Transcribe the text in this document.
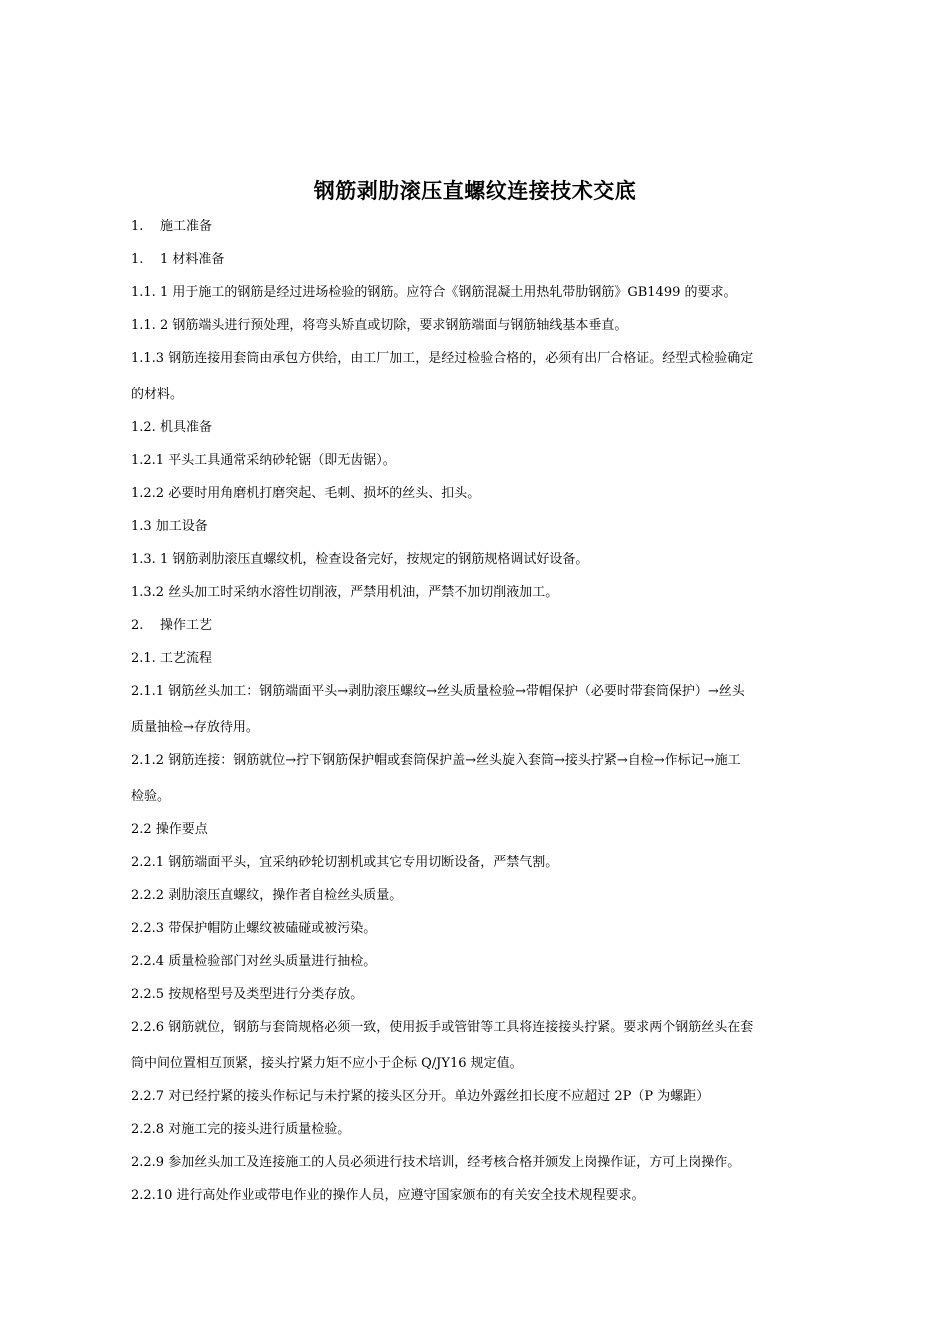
钢筋剥肋滚压直螺纹连接技术交底
1. 施工准备
1. 1 材料准备
1.1. 1 用于施工的钢筋是经过进场检验的钢筋。应符合《钢筋混凝土用热轧带肋钢筋》GB1499 的要求。
1.1. 2 钢筋端头进行预处理，将弯头矫直或切除，要求钢筋端面与钢筋轴线基本垂直。
1.1.3 钢筋连接用套筒由承包方供给，由工厂加工，是经过检验合格的，必须有出厂合格证。经型式检验确定
的材料。
1.2. 机具准备
1.2.1 平头工具通常采纳砂轮锯（即无齿锯）。
1.2.2 必要时用角磨机打磨突起、毛刺、损坏的丝头、扣头。
1.3 加工设备
1.3. 1 钢筋剥肋滚压直螺纹机，检查设备完好，按规定的钢筋规格调试好设备。
1.3.2 丝头加工时采纳水溶性切削液，严禁用机油，严禁不加切削液加工。
2. 操作工艺
2.1. 工艺流程
2.1.1 钢筋丝头加工：钢筋端面平头→剥肋滚压螺纹→丝头质量检验→带帽保护（必要时带套筒保护）→丝头
质量抽检→存放待用。
2.1.2 钢筋连接：钢筋就位→拧下钢筋保护帽或套筒保护盖→丝头旋入套筒→接头拧紧→自检→作标记→施工
检验。
2.2 操作要点
2.2.1 钢筋端面平头，宜采纳砂轮切割机或其它专用切断设备，严禁气割。
2.2.2 剥肋滚压直螺纹，操作者自检丝头质量。
2.2.3 带保护帽防止螺纹被磕碰或被污染。
2.2.4 质量检验部门对丝头质量进行抽检。
2.2.5 按规格型号及类型进行分类存放。
2.2.6 钢筋就位，钢筋与套筒规格必须一致，使用扳手或管钳等工具将连接接头拧紧。要求两个钢筋丝头在套
筒中间位置相互顶紧，接头拧紧力矩不应小于企标 Q/JY16 规定值。
2.2.7 对已经拧紧的接头作标记与未拧紧的接头区分开。单边外露丝扣长度不应超过 2P（P 为螺距）
2.2.8 对施工完的接头进行质量检验。
2.2.9 参加丝头加工及连接施工的人员必须进行技术培训，经考核合格并颁发上岗操作证，方可上岗操作。
2.2.10 进行高处作业或带电作业的操作人员，应遵守国家颁布的有关安全技术规程要求。
